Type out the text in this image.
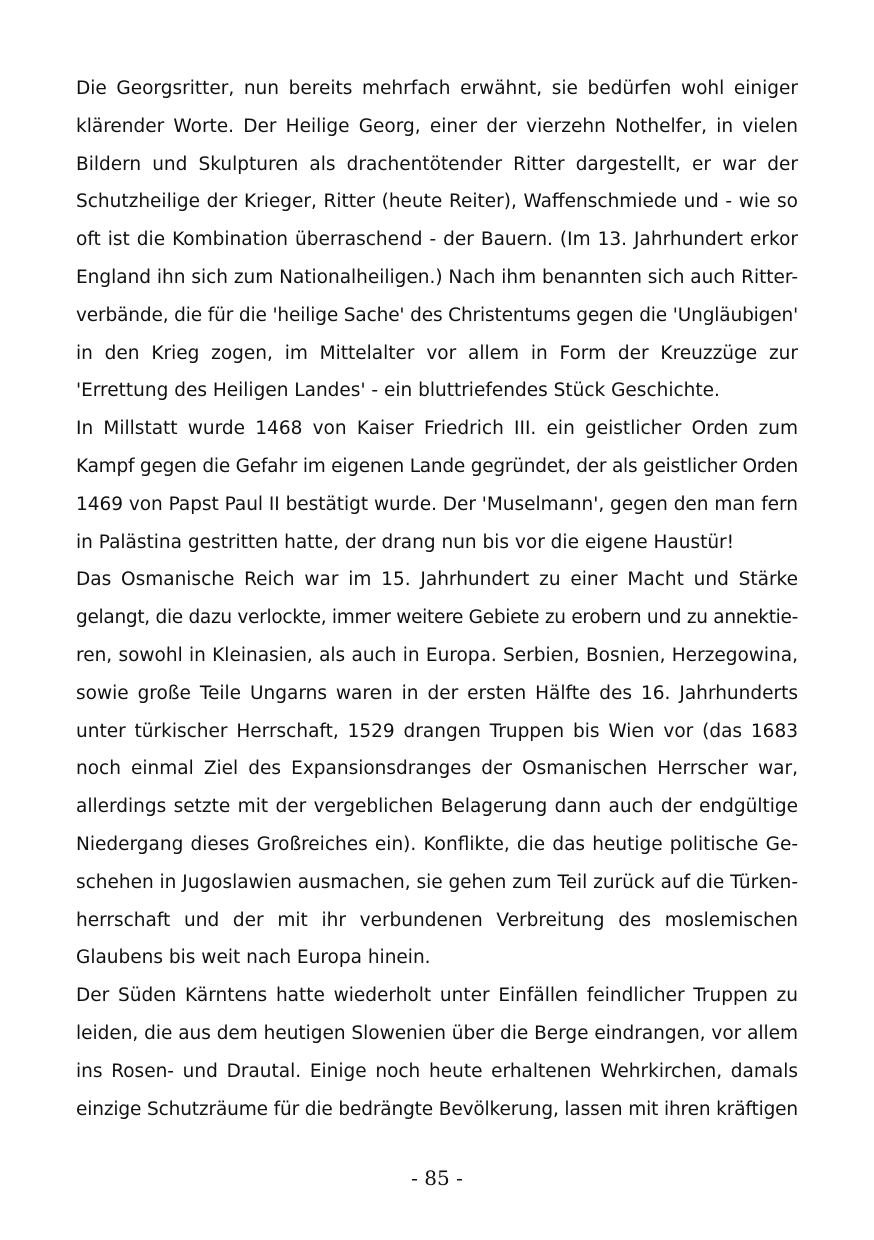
Die Georgsritter, nun bereits mehrfach erwähnt, sie bedürfen wohl einiger
klärender Worte. Der Heilige Georg, einer der vierzehn Nothelfer, in vielen
Bildern und Skulpturen als drachentötender Ritter dargestellt, er war der
Schutzheilige der Krieger, Ritter (heute Reiter), Waffenschmiede und - wie so
oft ist die Kombination überraschend - der Bauern. (Im 13. Jahrhundert erkor
England ihn sich zum Nationalheiligen.) Nach ihm benannten sich auch Ritter-
verbände, die für die 'heilige Sache' des Christentums gegen die 'Ungläubigen'
in den Krieg zogen, im Mittelalter vor allem in Form der Kreuzzüge zur
'Errettung des Heiligen Landes' - ein bluttriefendes Stück Geschichte.
In Millstatt wurde 1468 von Kaiser Friedrich III. ein geistlicher Orden zum
Kampf gegen die Gefahr im eigenen Lande gegründet, der als geistlicher Orden
1469 von Papst Paul II bestätigt wurde. Der 'Muselmann', gegen den man fern
in Palästina gestritten hatte, der drang nun bis vor die eigene Haustür!
Das Osmanische Reich war im 15. Jahrhundert zu einer Macht und Stärke
gelangt, die dazu verlockte, immer weitere Gebiete zu erobern und zu annektie-
ren, sowohl in Kleinasien, als auch in Europa. Serbien, Bosnien, Herzegowina,
sowie große Teile Ungarns waren in der ersten Hälfte des 16. Jahrhunderts
unter türkischer Herrschaft, 1529 drangen Truppen bis Wien vor (das 1683
noch einmal Ziel des Expansionsdranges der Osmanischen Herrscher war,
allerdings setzte mit der vergeblichen Belagerung dann auch der endgültige
Niedergang dieses Großreiches ein). Konflikte, die das heutige politische Ge-
schehen in Jugoslawien ausmachen, sie gehen zum Teil zurück auf die Türken-
herrschaft und der mit ihr verbundenen Verbreitung des moslemischen
Glaubens bis weit nach Europa hinein.
Der Süden Kärntens hatte wiederholt unter Einfällen feindlicher Truppen zu
leiden, die aus dem heutigen Slowenien über die Berge eindrangen, vor allem
ins Rosen- und Drautal. Einige noch heute erhaltenen Wehrkirchen, damals
einzige Schutzräume für die bedrängte Bevölkerung, lassen mit ihren kräftigen
- 85 -
